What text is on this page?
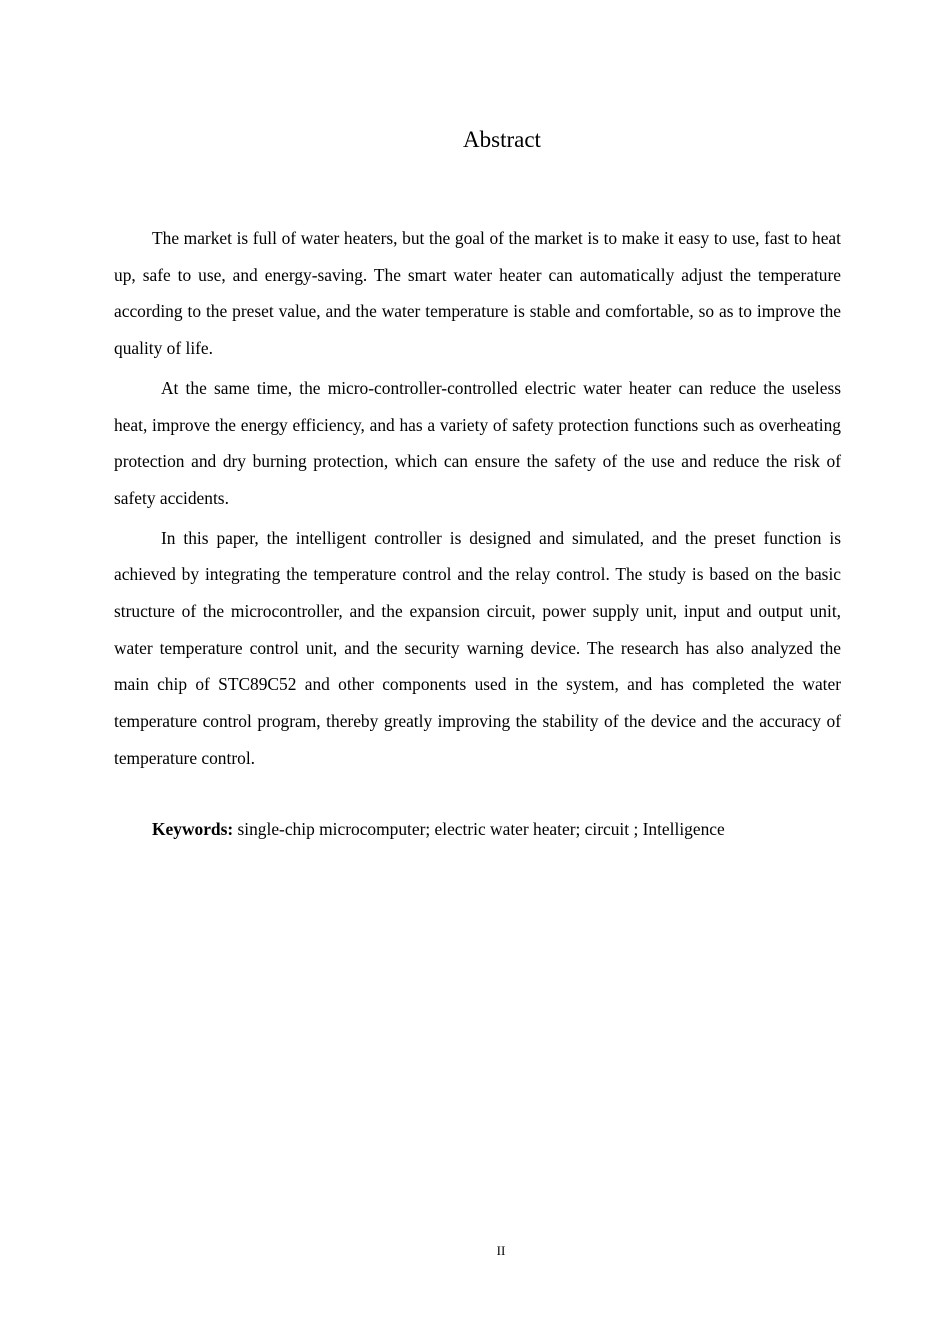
Abstract

The market is full of water heaters, but the goal of the market is to make it easy to use, fast to heat up, safe to use, and energy-saving. The smart water heater can automatically adjust the temperature according to the preset value, and the water temperature is stable and comfortable, so as to improve the quality of life.

At the same time, the micro-controller-controlled electric water heater can reduce the useless heat, improve the energy efficiency, and has a variety of safety protection functions such as overheating protection and dry burning protection, which can ensure the safety of the use and reduce the risk of safety accidents.

In this paper, the intelligent controller is designed and simulated, and the preset function is achieved by integrating the temperature control and the relay control. The study is based on the basic structure of the microcontroller, and the expansion circuit, power supply unit, input and output unit, water temperature control unit, and the security warning device. The research has also analyzed the main chip of STC89C52 and other components used in the system, and has completed the water temperature control program, thereby greatly improving the stability of the device and the accuracy of temperature control.

Keywords: single-chip microcomputer; electric water heater; circuit ; Intelligence
II
